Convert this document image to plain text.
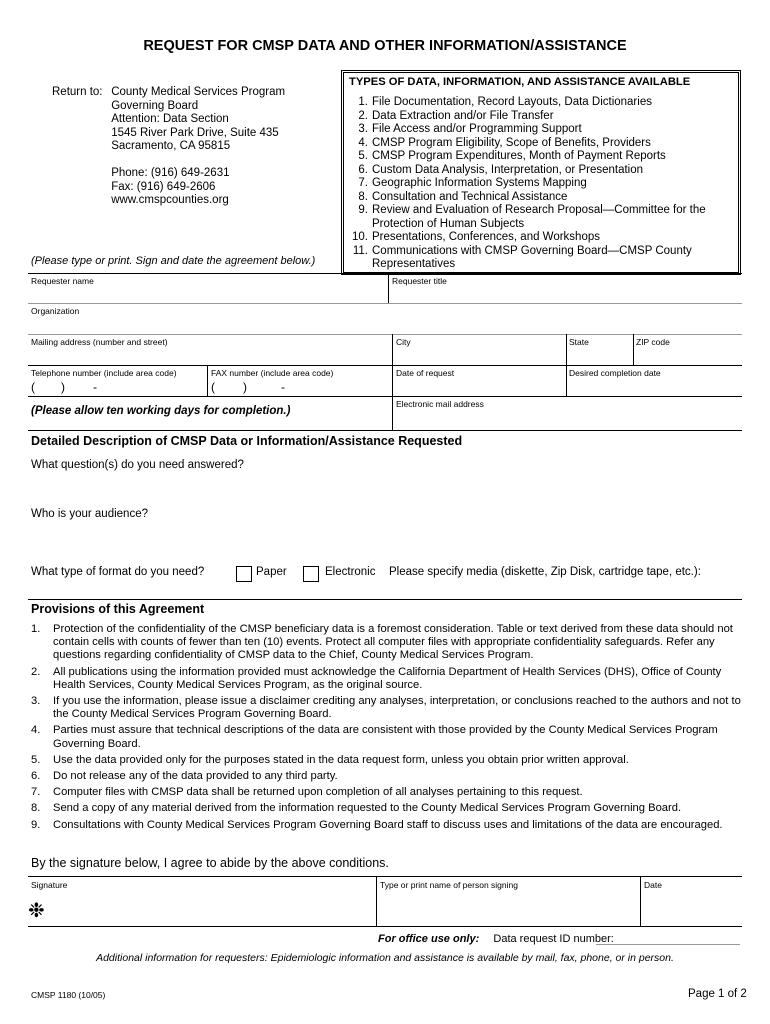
REQUEST FOR CMSP DATA AND OTHER INFORMATION/ASSISTANCE
Return to: County Medical Services Program
Governing Board
Attention: Data Section
1545 River Park Drive, Suite 435
Sacramento, CA 95815
Phone: (916) 649-2631
Fax: (916) 649-2606
www.cmspcounties.org
(Please type or print. Sign and date the agreement below.)
TYPES OF DATA, INFORMATION, AND ASSISTANCE AVAILABLE
1. File Documentation, Record Layouts, Data Dictionaries
2. Data Extraction and/or File Transfer
3. File Access and/or Programming Support
4. CMSP Program Eligibility, Scope of Benefits, Providers
5. CMSP Program Expenditures, Month of Payment Reports
6. Custom Data Analysis, Interpretation, or Presentation
7. Geographic Information Systems Mapping
8. Consultation and Technical Assistance
9. Review and Evaluation of Research Proposal—Committee for the Protection of Human Subjects
10. Presentations, Conferences, and Workshops
11. Communications with CMSP Governing Board—CMSP County Representatives
Requester name	Requester title
Organization
Mailing address (number and street)	City	State	ZIP code
Telephone number (include area code)	FAX number (include area code)	Date of request	Desired completion date
( ) -	( )	-
(Please allow ten working days for completion.)
Electronic mail address
Detailed Description of CMSP Data or Information/Assistance Requested
What question(s) do you need answered?
Who is your audience?
What type of format do you need?	Paper	Electronic Please specify media (diskette, Zip Disk, cartridge tape, etc.):
Provisions of this Agreement
1.	Protection of the confidentiality of the CMSP beneficiary data is a foremost consideration. Table or text derived from these data should not contain cells with counts of fewer than ten (10) events. Protect all computer files with appropriate confidentiality safeguards. Refer any questions regarding confidentiality of CMSP data to the Chief, County Medical Services Program.
2.	All publications using the information provided must acknowledge the California Department of Health Services (DHS), Office of County Health Services, County Medical Services Program, as the original source.
3.	If you use the information, please issue a disclaimer crediting any analyses, interpretation, or conclusions reached to the authors and not to the County Medical Services Program Governing Board.
4.	Parties must assure that technical descriptions of the data are consistent with those provided by the County Medical Services Program Governing Board.
5.	Use the data provided only for the purposes stated in the data request form, unless you obtain prior written approval.
6.	Do not release any of the data provided to any third party.
7.	Computer files with CMSP data shall be returned upon completion of all analyses pertaining to this request.
8.	Send a copy of any material derived from the information requested to the County Medical Services Program Governing Board.
9.	Consultations with County Medical Services Program Governing Board staff to discuss uses and limitations of the data are encouraged.
By the signature below, I agree to abide by the above conditions.
Signature	Type or print name of person signing	Date
❉
For office use only: Data request ID number:
Additional information for requesters: Epidemiologic information and assistance is available by mail, fax, phone, or in person.
CMSP 1180 (10/05)	Page 1 of 2
